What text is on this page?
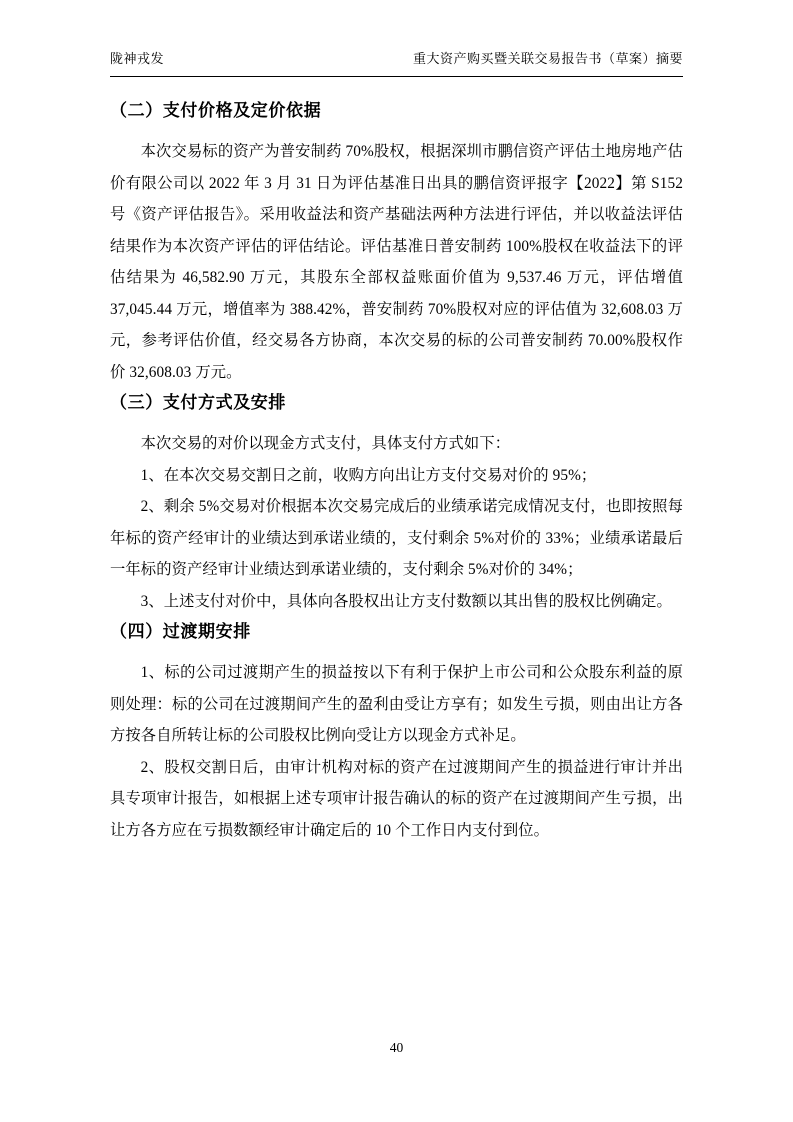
陇神戎发	重大资产购买暨关联交易报告书（草案）摘要
（二）支付价格及定价依据

本次交易标的资产为普安制药 70%股权，根据深圳市鹏信资产评估土地房地产估价有限公司以 2022 年 3 月 31 日为评估基准日出具的鹏信资评报字【2022】第 S152 号《资产评估报告》。采用收益法和资产基础法两种方法进行评估，并以收益法评估结果作为本次资产评估的评估结论。评估基准日普安制药 100%股权在收益法下的评估结果为 46,582.90 万元，其股东全部权益账面价值为 9,537.46 万元，评估增值 37,045.44 万元，增值率为 388.42%，普安制药 70%股权对应的评估值为 32,608.03 万元，参考评估价值，经交易各方协商，本次交易的标的公司普安制药 70.00%股权作价 32,608.03 万元。

（三）支付方式及安排

本次交易的对价以现金方式支付，具体支付方式如下：

1、在本次交易交割日之前，收购方向出让方支付交易对价的 95%；

2、剩余 5%交易对价根据本次交易完成后的业绩承诺完成情况支付，也即按照每年标的资产经审计的业绩达到承诺业绩的，支付剩余 5%对价的 33%；业绩承诺最后一年标的资产经审计业绩达到承诺业绩的，支付剩余 5%对价的 34%；

3、上述支付对价中，具体向各股权出让方支付数额以其出售的股权比例确定。

（四）过渡期安排

1、标的公司过渡期产生的损益按以下有利于保护上市公司和公众股东利益的原则处理：标的公司在过渡期间产生的盈利由受让方享有；如发生亏损，则由出让方各方按各自所转让标的公司股权比例向受让方以现金方式补足。

2、股权交割日后，由审计机构对标的资产在过渡期间产生的损益进行审计并出具专项审计报告，如根据上述专项审计报告确认的标的资产在过渡期间产生亏损，出让方各方应在亏损数额经审计确定后的 10 个工作日内支付到位。

40
